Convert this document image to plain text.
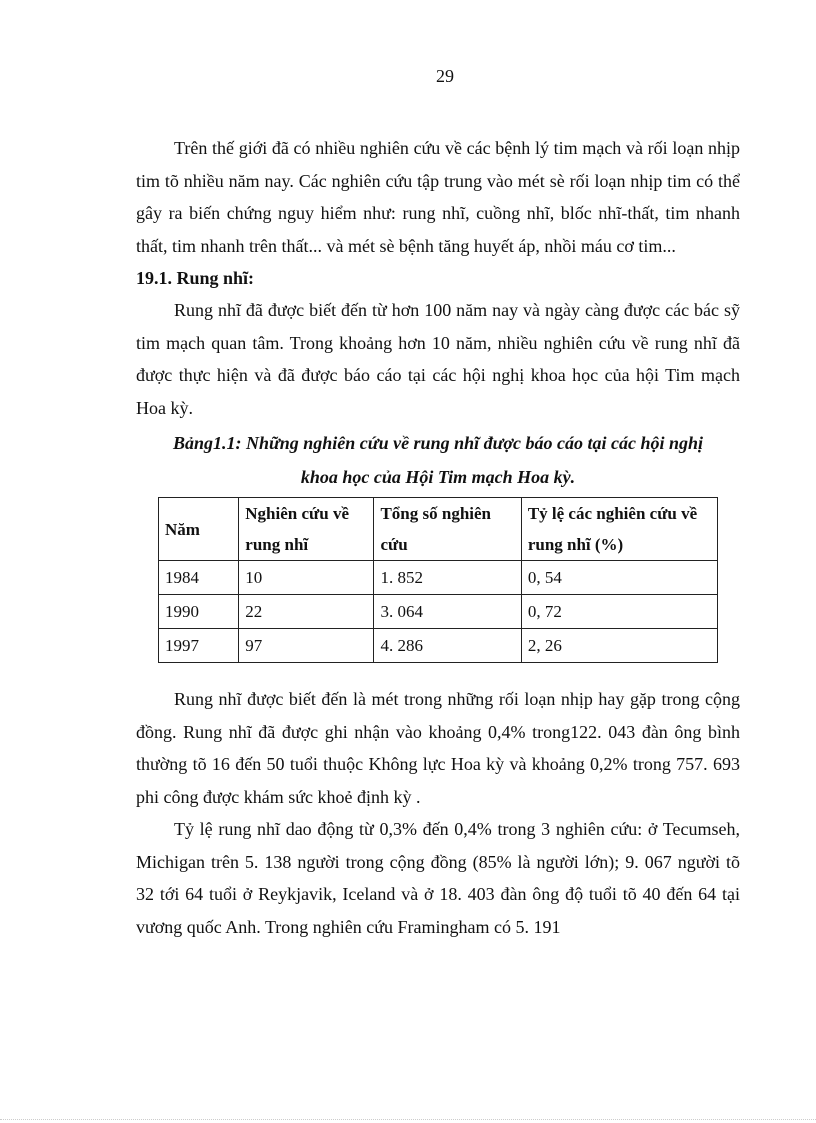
29

Trên thế giới đã có nhiều nghiên cứu về các bệnh lý tim mạch và rối loạn nhịp tim tõ nhiều năm nay. Các nghiên cứu tập trung vào mét sè rối loạn nhịp tim có thể gây ra biến chứng nguy hiểm như: rung nhĩ, cuồng nhĩ, blốc nhĩ-thất, tim nhanh thất, tim nhanh trên thất... và mét sè bệnh tăng huyết áp, nhồi máu cơ tim...

19.1. Rung nhĩ:

Rung nhĩ đã được biết đến từ hơn 100 năm nay và ngày càng được các bác sỹ tim mạch quan tâm. Trong khoảng hơn 10 năm, nhiều nghiên cứu về rung nhĩ đã được thực hiện và đã được báo cáo tại các hội nghị khoa học của hội Tim mạch Hoa kỳ.

Bảng1.1: Những nghiên cứu về rung nhĩ được báo cáo tại các hội nghị
khoa học của Hội Tim mạch Hoa kỳ.
Năm	Nghiên cứu về rung nhĩ	Tổng số nghiên cứu	Tỷ lệ các nghiên cứu về rung nhĩ (%)
1984	10	1. 852	0, 54
1990	22	3. 064	0, 72
1997	97	4. 286	2, 26

Rung nhĩ được biết đến là mét trong những rối loạn nhịp hay gặp trong cộng đồng. Rung nhĩ đã được ghi nhận vào khoảng 0,4% trong122. 043 đàn ông bình thường tõ 16 đến 50 tuổi thuộc Không lực Hoa kỳ và khoảng 0,2% trong 757. 693 phi công được khám sức khoẻ định kỳ .

Tỷ lệ rung nhĩ dao động từ 0,3% đến 0,4% trong 3 nghiên cứu: ở Tecumseh, Michigan trên 5. 138 người trong cộng đồng (85% là người lớn); 9. 067 người tõ 32 tới 64 tuổi ở Reykjavik, Iceland và ở 18. 403 đàn ông độ tuổi tõ 40 đến 64 tại vương quốc Anh. Trong nghiên cứu Framingham có 5. 191
